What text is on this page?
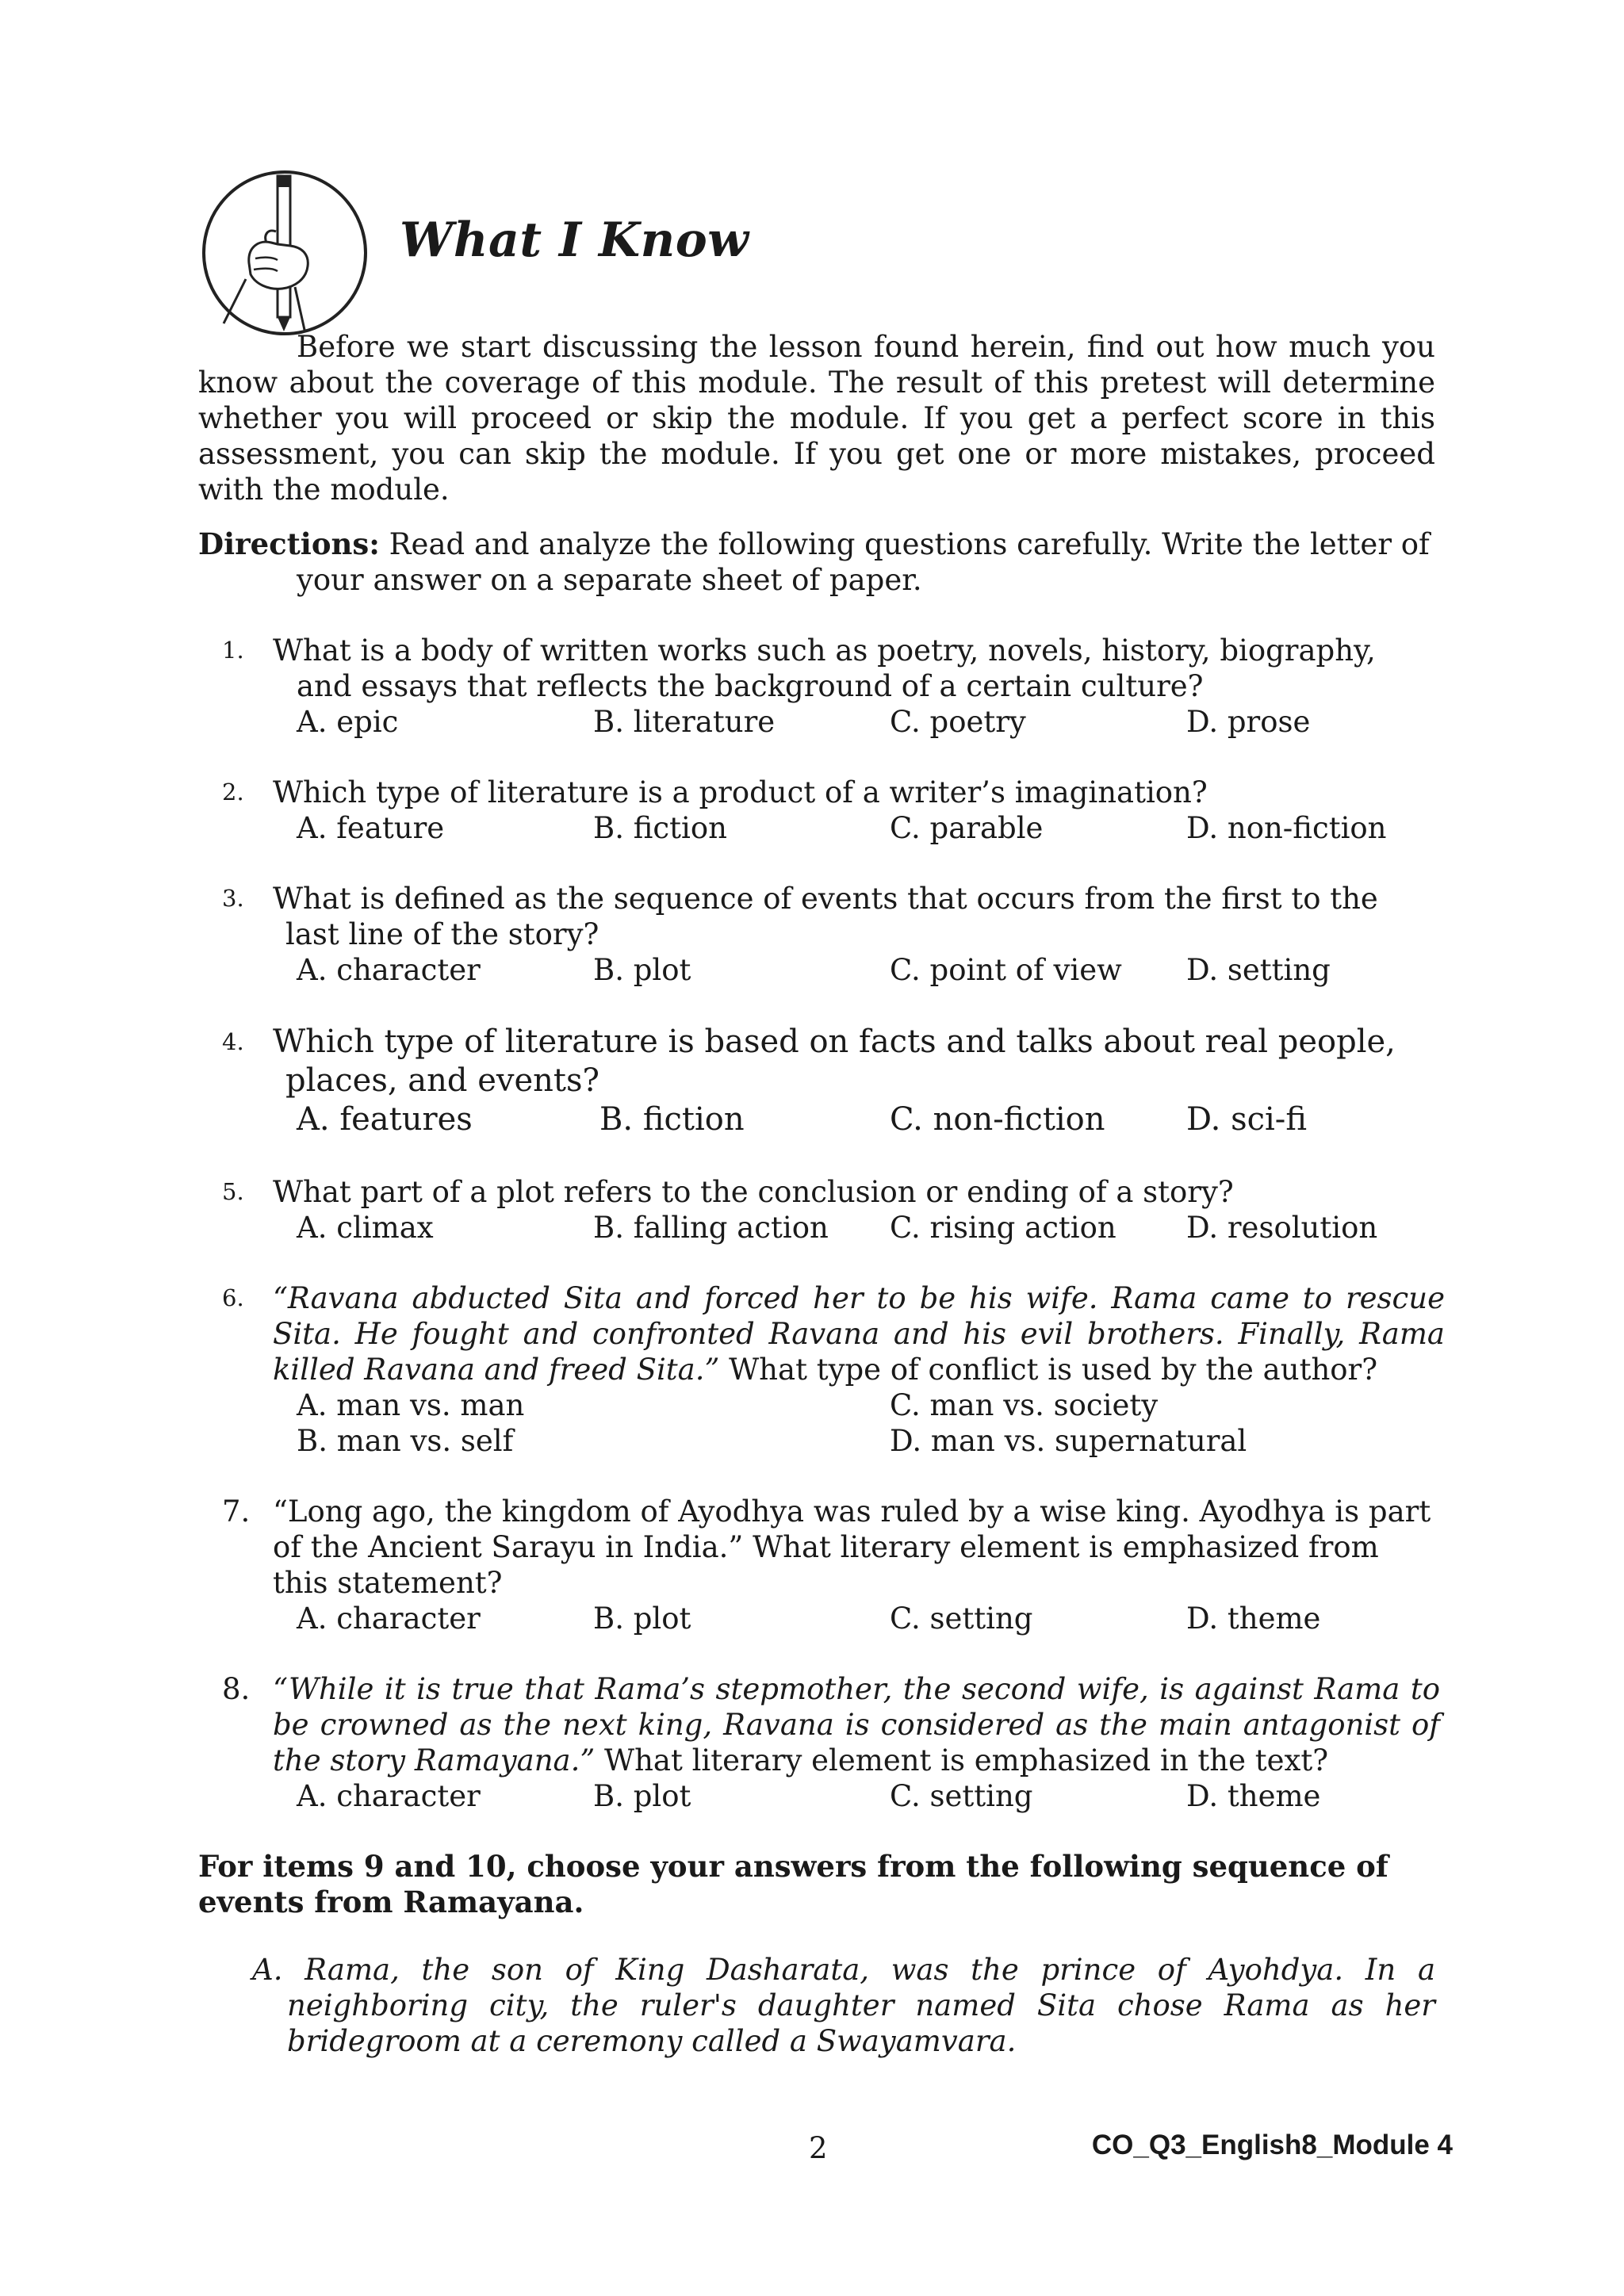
What I Know

Before we start discussing the lesson found herein, find out how much you know about the coverage of this module. The result of this pretest will determine whether you will proceed or skip the module. If you get a perfect score in this assessment, you can skip the module. If you get one or more mistakes, proceed with the module.

Directions: Read and analyze the following questions carefully. Write the letter of your answer on a separate sheet of paper.

1. What is a body of written works such as poetry, novels, history, biography,
and essays that reflects the background of a certain culture?

A. epic	B. literature	C. poetry	D. prose
2. Which type of literature is a product of a writer’s imagination?

A. feature	B. fiction	C. parable	D. non-fiction
3. What is defined as the sequence of events that occurs from the first to the
last line of the story?

A. character	B. plot	C. point of view	D. setting
4. Which type of literature is based on facts and talks about real people,
places, and events?

A. features	B. fiction	C. non-fiction	D. sci-fi
5. What part of a plot refers to the conclusion or ending of a story?

A. climax	B. falling action	C. rising action	D. resolution
6. “Ravana abducted Sita and forced her to be his wife. Rama came to rescue Sita. He fought and confronted Ravana and his evil brothers. Finally, Rama killed Ravana and freed Sita.” What type of conflict is used by the author?

A. man vs. man	C. man vs. society
B. man vs. self	D. man vs. supernatural
7. “Long ago, the kingdom of Ayodhya was ruled by a wise king. Ayodhya is part of the Ancient Sarayu in India.” What literary element is emphasized from this statement?

A. character	B. plot	C. setting	D. theme
8. “While it is true that Rama’s stepmother, the second wife, is against Rama to be crowned as the next king, Ravana is considered as the main antagonist of the story Ramayana.” What literary element is emphasized in the text?

A. character	B. plot	C. setting	D. theme

For items 9 and 10, choose your answers from the following sequence of events from Ramayana.

A. Rama, the son of King Dasharata, was the prince of Ayohdya. In a neighboring city, the ruler's daughter named Sita chose Rama as her bridegroom at a ceremony called a Swayamvara.

2	CO_Q3_English8_Module 4
